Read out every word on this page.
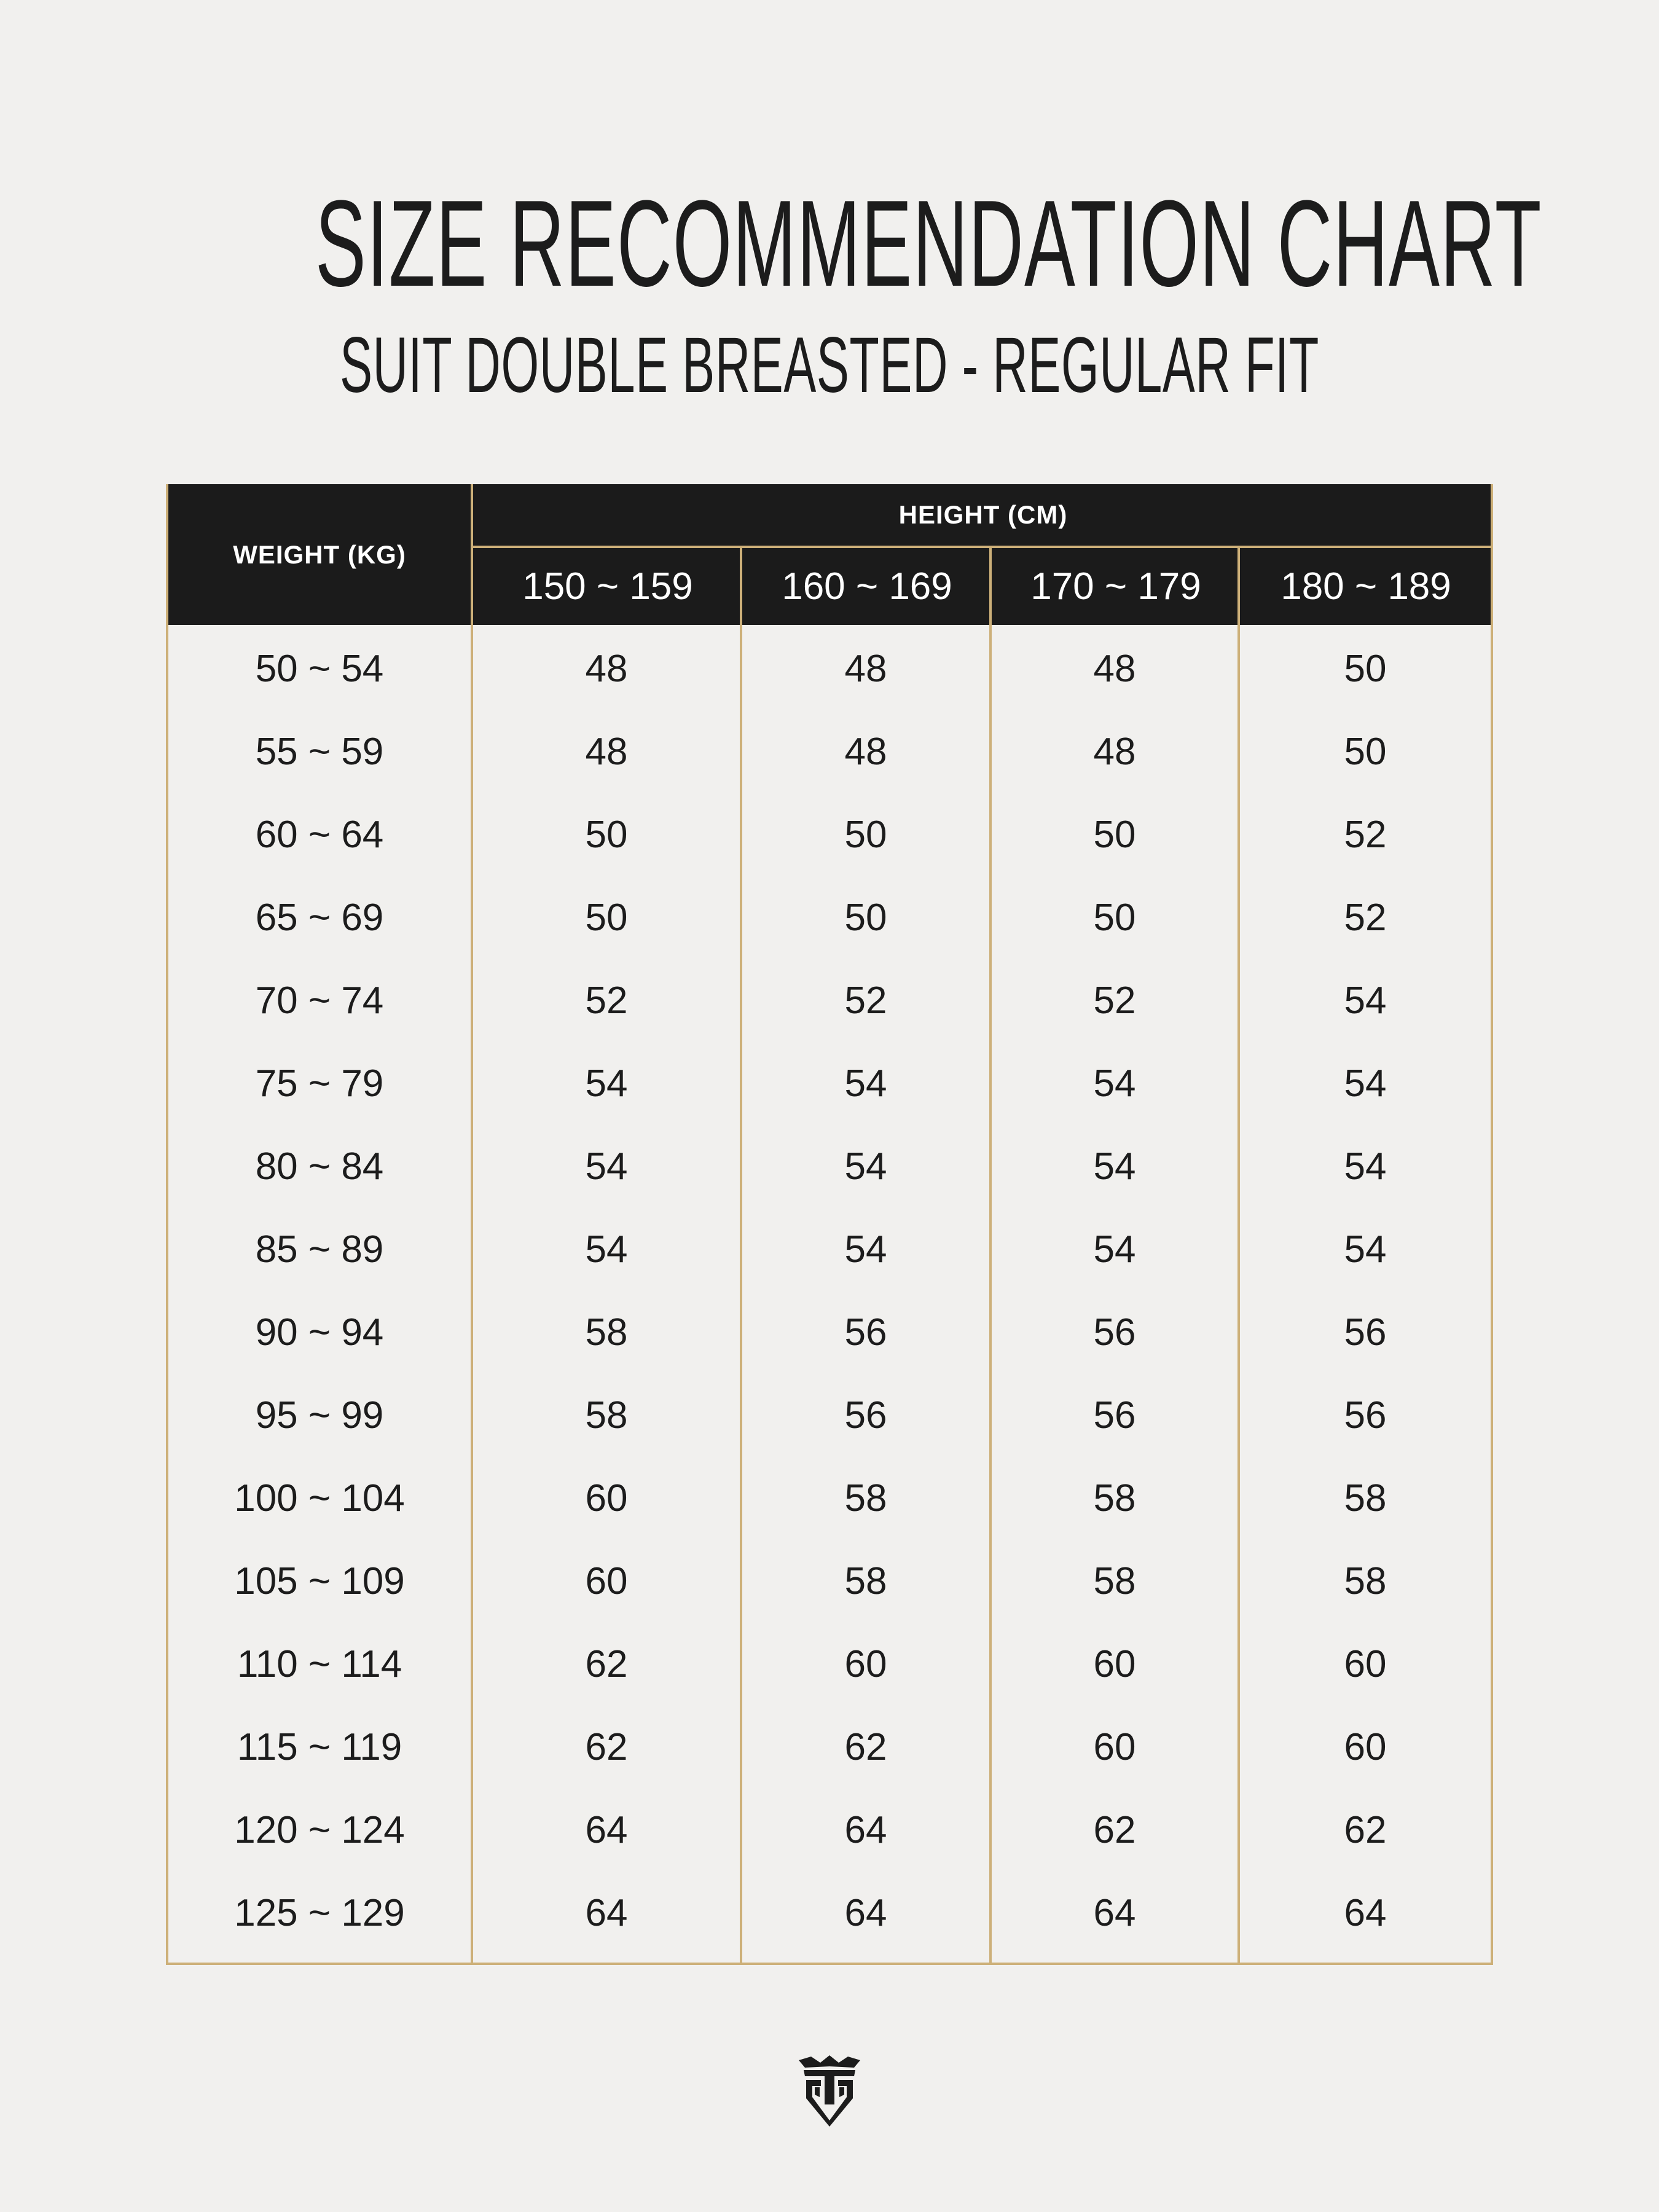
SIZE RECOMMENDATION CHART
SUIT DOUBLE BREASTED - REGULAR FIT
WEIGHT (KG)
HEIGHT (CM)
150 ~ 159	160 ~ 169	170 ~ 179	180 ~ 189
50 ~ 54	48	48	48	50
55 ~ 59	48	48	48	50
60 ~ 64	50	50	50	52
65 ~ 69	50	50	50	52
70 ~ 74	52	52	52	54
75 ~ 79	54	54	54	54
80 ~ 84	54	54	54	54
85 ~ 89	54	54	54	54
90 ~ 94	58	56	56	56
95 ~ 99	58	56	56	56
100 ~ 104	60	58	58	58
105 ~ 109	60	58	58	58
110 ~ 114	62	60	60	60
115 ~ 119	62	62	60	60
120 ~ 124	64	64	62	62
125 ~ 129	64	64	64	64
